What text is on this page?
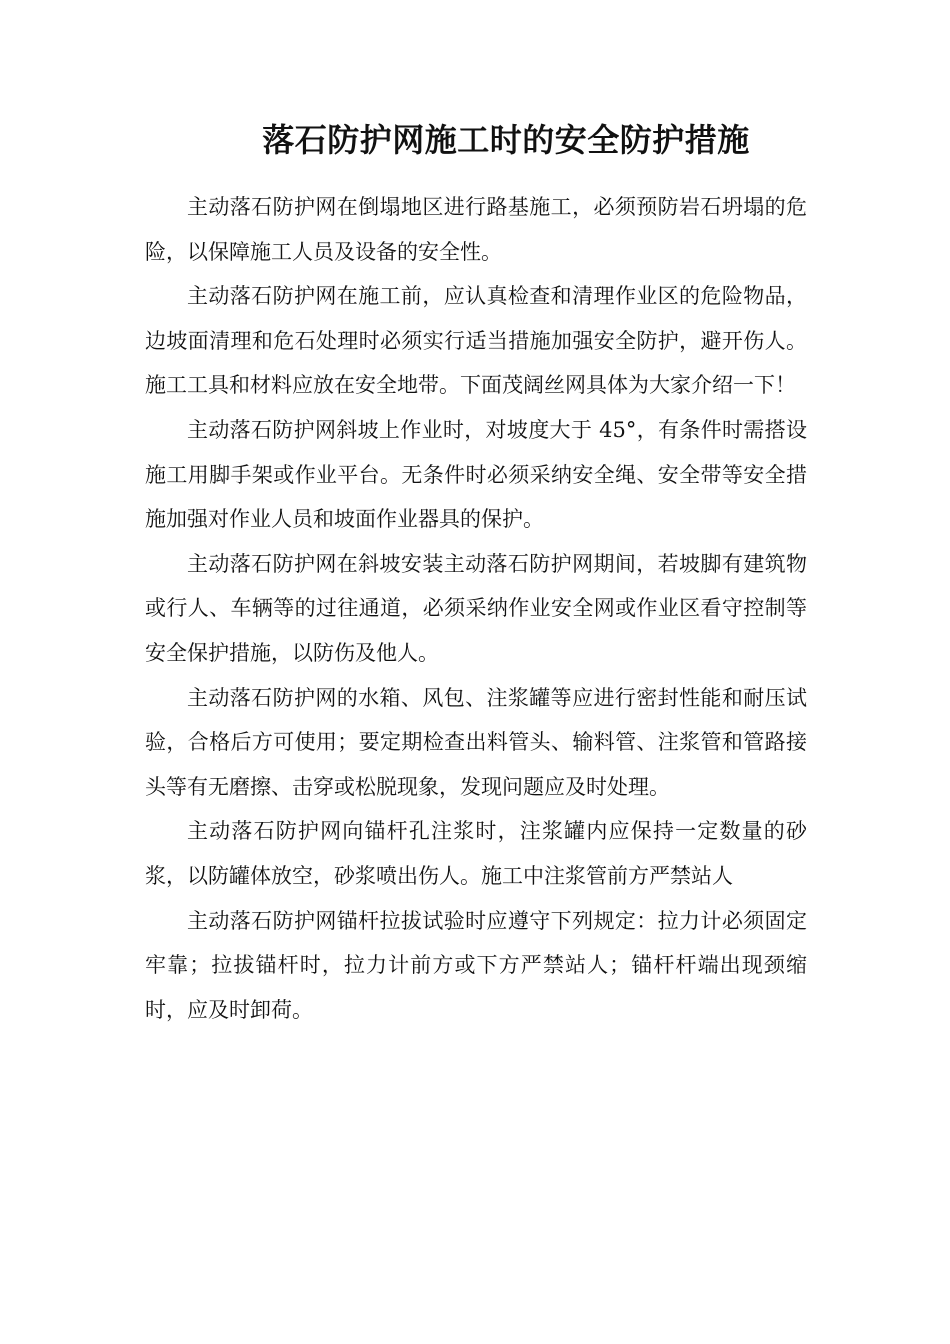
落石防护网施工时的安全防护措施

主动落石防护网在倒塌地区进行路基施工，必须预防岩石坍塌的危险，以保障施工人员及设备的安全性。

主动落石防护网在施工前，应认真检查和清理作业区的危险物品，边坡面清理和危石处理时必须实行适当措施加强安全防护，避开伤人。施工工具和材料应放在安全地带。下面茂阔丝网具体为大家介绍一下！

主动落石防护网斜坡上作业时，对坡度大于 45°，有条件时需搭设施工用脚手架或作业平台。无条件时必须采纳安全绳、安全带等安全措施加强对作业人员和坡面作业器具的保护。

主动落石防护网在斜坡安装主动落石防护网期间，若坡脚有建筑物或行人、车辆等的过往通道，必须采纳作业安全网或作业区看守控制等安全保护措施，以防伤及他人。

主动落石防护网的水箱、风包、注浆罐等应进行密封性能和耐压试验，合格后方可使用；要定期检查出料管头、输料管、注浆管和管路接头等有无磨擦、击穿或松脱现象，发现问题应及时处理。

主动落石防护网向锚杆孔注浆时，注浆罐内应保持一定数量的砂浆，以防罐体放空，砂浆喷出伤人。施工中注浆管前方严禁站人

主动落石防护网锚杆拉拔试验时应遵守下列规定：拉力计必须固定牢靠；拉拔锚杆时，拉力计前方或下方严禁站人；锚杆杆端出现颈缩时，应及时卸荷。
